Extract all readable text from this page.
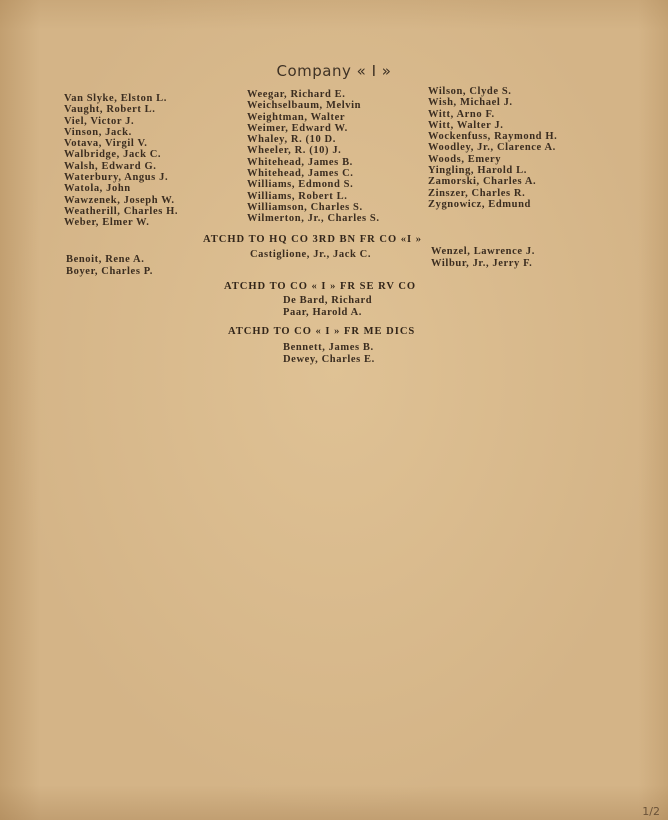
Company « I »
Van Slyke, Elston L.
Vaught, Robert L.
Viel, Victor J.
Vinson, Jack.
Votava, Virgil V.
Walbridge, Jack C.
Walsh, Edward G.
Waterbury, Angus J.
Watola, John
Wawzenek, Joseph W.
Weatherill, Charles H.
Weber, Elmer W.
Weegar, Richard E.
Weichselbaum, Melvin
Weightman, Walter
Weimer, Edward W.
Whaley, R. (10 D.
Wheeler, R. (10) J.
Whitehead, James B.
Whitehead, James C.
Williams, Edmond S.
Williams, Robert L.
Williamson, Charles S.
Wilmerton, Jr., Charles S.
Wilson, Clyde S.
Wish, Michael J.
Witt, Arno F.
Witt, Walter J.
Wockenfuss, Raymond H.
Woodley, Jr., Clarence A.
Woods, Emery
Yingling, Harold L.
Zamorski, Charles A.
Zinszer, Charles R.
Zygnowicz, Edmund
ATCHD TO HQ CO 3RD BN FR CO «I »
Benoit, Rene A.
Boyer, Charles P.
Castiglione, Jr., Jack C.	Wenzel, Lawrence J.
Wilbur, Jr., Jerry F.
ATCHD TO CO « I » FR SE RV CO
De Bard, Richard
Paar, Harold A.
ATCHD TO CO « I » FR ME DICS
Bennett, James B.
Dewey, Charles E.
1/2
